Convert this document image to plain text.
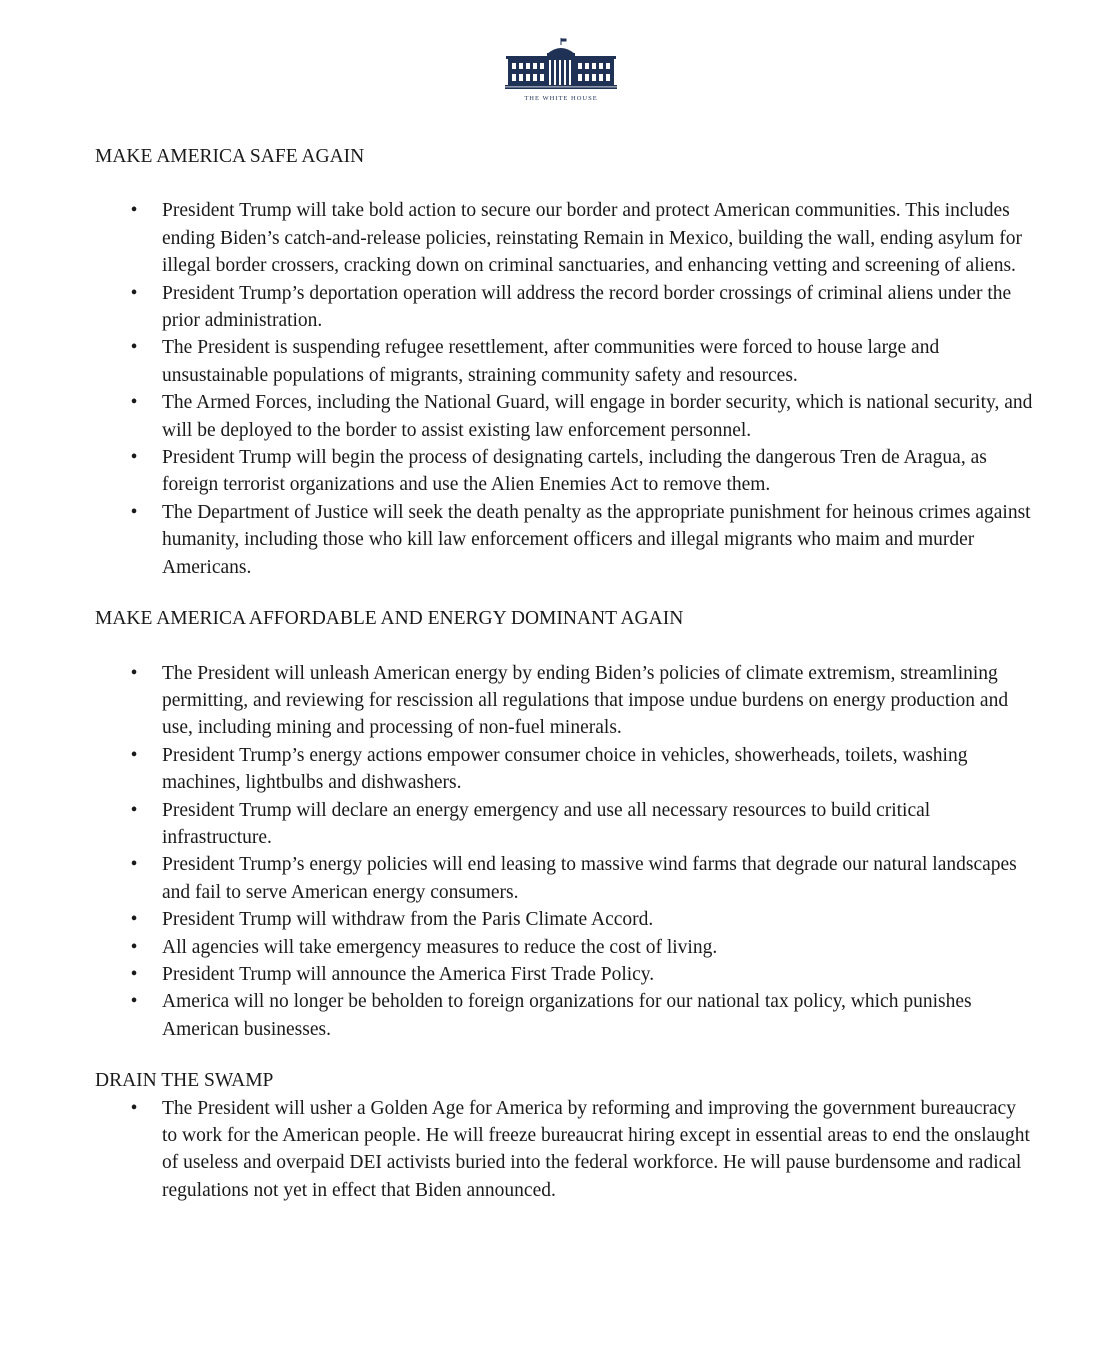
THE WHITE HOUSE
MAKE AMERICA SAFE AGAIN
• President Trump will take bold action to secure our border and protect American communities. This includes ending Biden’s catch-and-release policies, reinstating Remain in Mexico, building the wall, ending asylum for illegal border crossers, cracking down on criminal sanctuaries, and enhancing vetting and screening of aliens.
• President Trump’s deportation operation will address the record border crossings of criminal aliens under the prior administration.
• The President is suspending refugee resettlement, after communities were forced to house large and unsustainable populations of migrants, straining community safety and resources.
• The Armed Forces, including the National Guard, will engage in border security, which is national security, and will be deployed to the border to assist existing law enforcement personnel.
• President Trump will begin the process of designating cartels, including the dangerous Tren de Aragua, as foreign terrorist organizations and use the Alien Enemies Act to remove them.
• The Department of Justice will seek the death penalty as the appropriate punishment for heinous crimes against humanity, including those who kill law enforcement officers and illegal migrants who maim and murder Americans.
MAKE AMERICA AFFORDABLE AND ENERGY DOMINANT AGAIN
• The President will unleash American energy by ending Biden’s policies of climate extremism, streamlining permitting, and reviewing for rescission all regulations that impose undue burdens on energy production and use, including mining and processing of non-fuel minerals.
• President Trump’s energy actions empower consumer choice in vehicles, showerheads, toilets, washing machines, lightbulbs and dishwashers.
• President Trump will declare an energy emergency and use all necessary resources to build critical infrastructure.
• President Trump’s energy policies will end leasing to massive wind farms that degrade our natural landscapes and fail to serve American energy consumers.
• President Trump will withdraw from the Paris Climate Accord.
• All agencies will take emergency measures to reduce the cost of living.
• President Trump will announce the America First Trade Policy.
• America will no longer be beholden to foreign organizations for our national tax policy, which punishes American businesses.
DRAIN THE SWAMP
• The President will usher a Golden Age for America by reforming and improving the government bureaucracy to work for the American people. He will freeze bureaucrat hiring except in essential areas to end the onslaught of useless and overpaid DEI activists buried into the federal workforce. He will pause burdensome and radical regulations not yet in effect that Biden announced.
